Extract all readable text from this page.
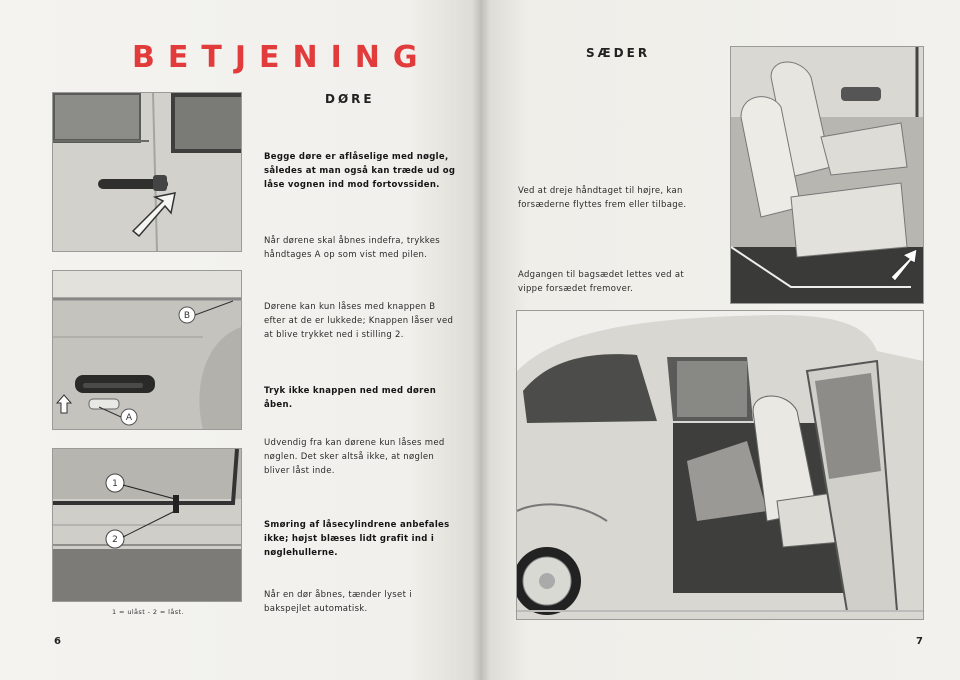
BETJENING
DØRE
B
A
1
2
1 = ulåst - 2 = låst.
Begge døre er aflåselige med nøgle, således at man også kan træde ud og låse vognen ind mod fortovssiden.
Når dørene skal åbnes indefra, trykkes håndtages A op som vist med pilen.
Dørene kan kun låses med knappen B efter at de er lukkede; Knappen låser ved at blive trykket ned i stilling 2.
Tryk ikke knappen ned med døren åben.
Udvendig fra kan dørene kun låses med nøglen. Det sker altså ikke, at nøglen bliver låst inde.
Smøring af låsecylindrene anbefales ikke; højst blæses lidt grafit ind i nøglehullerne.
Når en dør åbnes, tænder lyset i bakspejlet automatisk.
6
SÆDER
Ved at dreje håndtaget til højre, kan forsæderne flyttes frem eller tilbage.
Adgangen til bagsædet lettes ved at vippe forsædet fremover.
7
